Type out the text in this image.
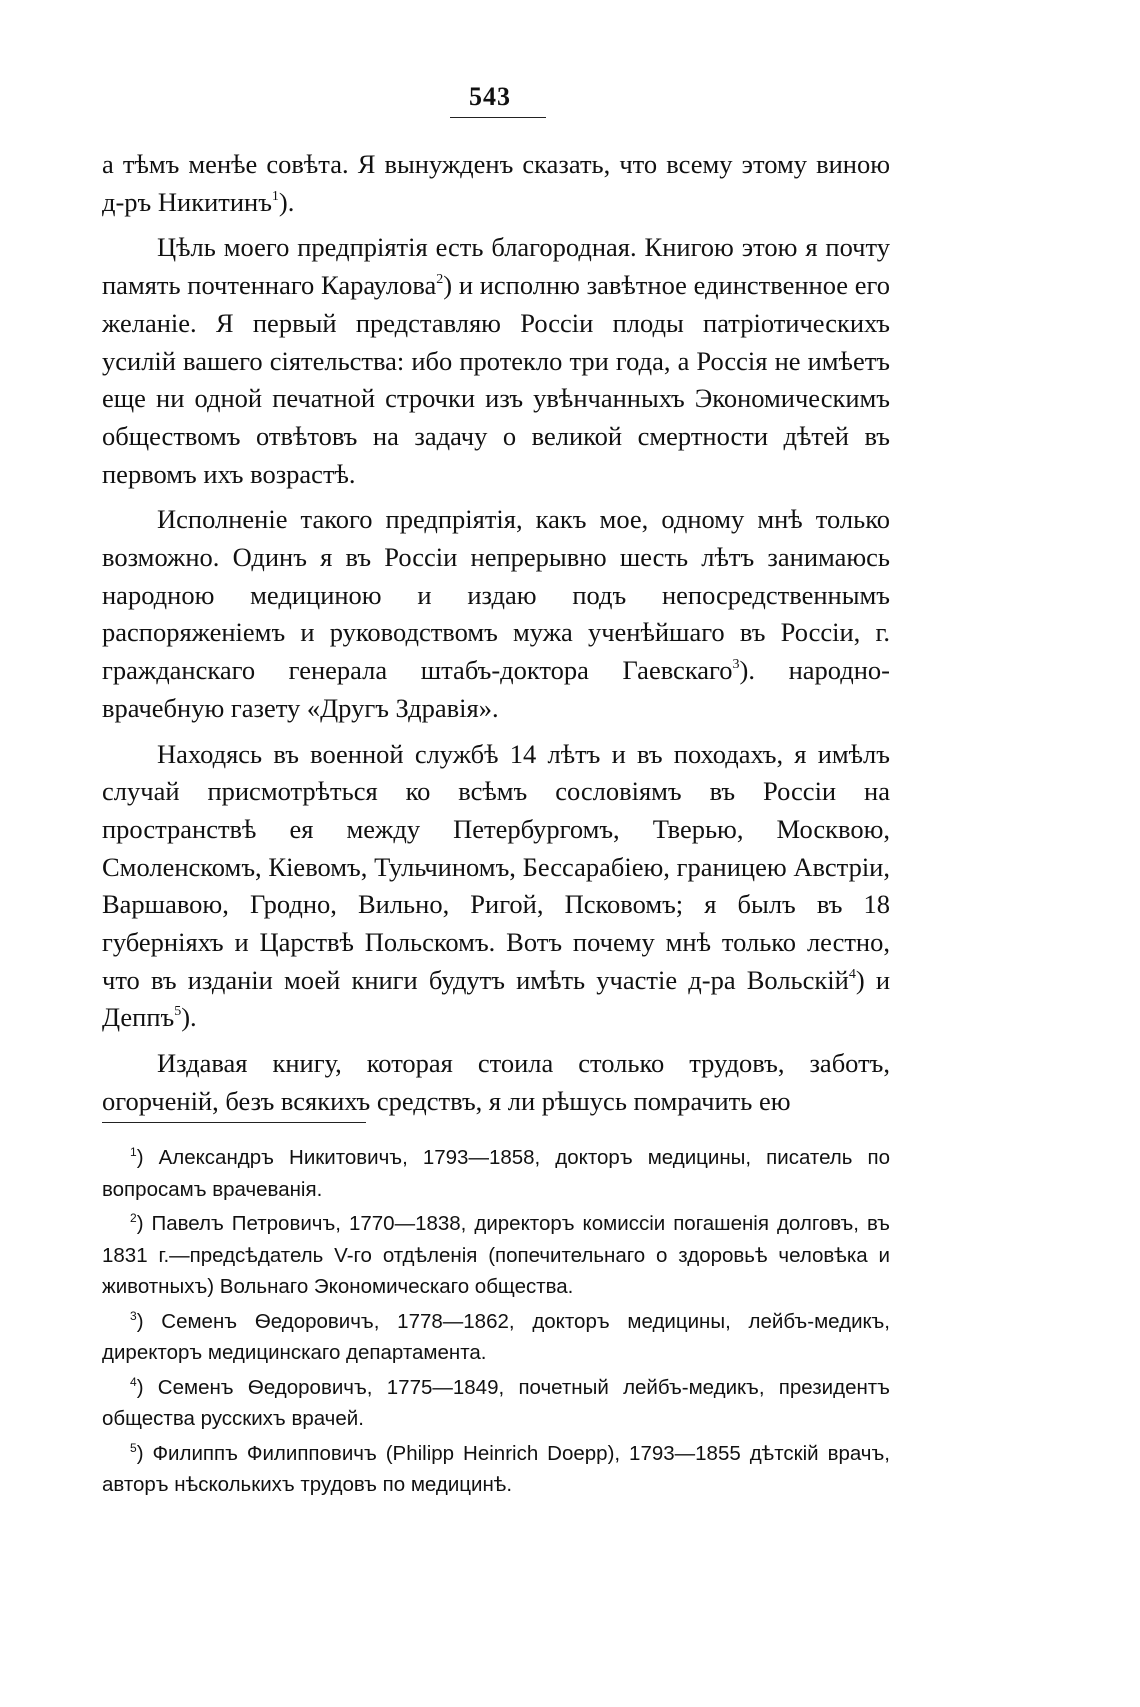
543

а тѣмъ менѣе совѣта. Я вынужденъ сказать, что всему этому виною д-ръ Никитинъ$^1$).

Цѣль моего предпріятія есть благородная. Книгою этою я почту память почтеннаго Караулова$^2$) и исполню завѣтное единственное его желаніе. Я первый представляю Россіи плоды патріотическихъ усилій вашего сіятельства: ибо протекло три года, а Россія не имѣетъ еще ни одной печатной строчки изъ увѣнчанныхъ Экономическимъ обществомъ отвѣтовъ на задачу о великой смертности дѣтей въ первомъ ихъ возрастѣ.

Исполненіе такого предпріятія, какъ мое, одному мнѣ только возможно. Одинъ я въ Россіи непрерывно шесть лѣтъ занимаюсь народною медициною и издаю подъ непосредственнымъ распоряженіемъ и руководствомъ мужа ученѣйшаго въ Россіи, г. гражданскаго генерала штабъ-доктора Гаевскаго$^3$). народно-врачебную газету «Другъ Здравія».

Находясь въ военной службѣ 14 лѣтъ и въ походахъ, я имѣлъ случай присмотрѣться ко всѣмъ сословіямъ въ Россіи на пространствѣ ея между Петербургомъ, Тверью, Москвою, Смоленскомъ, Кіевомъ, Тульчиномъ, Бессарабіею, границею Австріи, Варшавою, Гродно, Вильно, Ригой, Псковомъ; я былъ въ 18 губерніяхъ и Царствѣ Польскомъ. Вотъ почему мнѣ только лестно, что въ изданіи моей книги будутъ имѣть участіе д-ра Вольскій$^4$) и Деппъ$^5$).

Издавая книгу, которая стоила столько трудовъ, заботъ, огорченій, безъ всякихъ средствъ, я ли рѣшусь помрачить ею

$^1$) Александръ Никитовичъ, 1793—1858, докторъ медицины, писатель по вопросамъ врачеванія.

$^2$) Павелъ Петровичъ, 1770—1838, директоръ комиссіи погашенія долговъ, въ 1831 г.—предсѣдатель V-го отдѣленія (попечительнаго о здоровьѣ человѣка и животныхъ) Вольнаго Экономическаго общества.

$^3$) Семенъ Ѳедоровичъ, 1778—1862, докторъ медицины, лейбъ-медикъ, директоръ медицинскаго департамента.

$^4$) Семенъ Ѳедоровичъ, 1775—1849, почетный лейбъ-медикъ, президентъ общества русскихъ врачей.

$^5$) Филиппъ Филипповичъ (Philipp Heinrich Doepp), 1793—1855 дѣтскій врачъ, авторъ нѣсколькихъ трудовъ по медицинѣ.
